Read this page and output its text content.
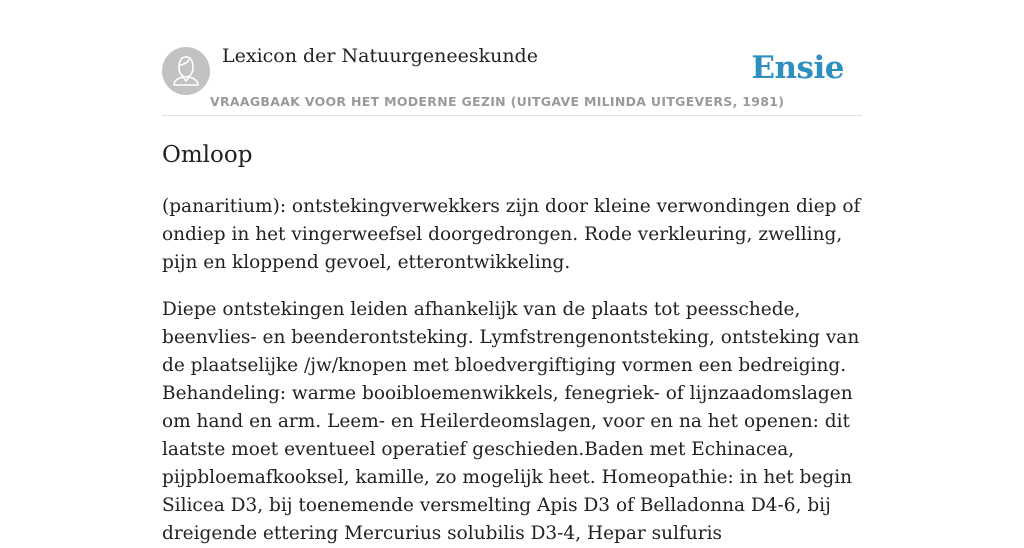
Lexicon der Natuurgeneeskunde
VRAAGBAAK VOOR HET MODERNE GEZIN (UITGAVE MILINDA UITGEVERS, 1981)
Ensie
Omloop

(panaritium): ontstekingverwekkers zijn door kleine verwondingen diep of ondiep in het vingerweefsel doorgedrongen. Rode verkleuring, zwelling, pijn en kloppend gevoel, etterontwikkeling.

Diepe ontstekingen leiden afhankelijk van de plaats tot peesschede, beenvlies- en beenderontsteking. Lymfstrengenontsteking, ontsteking van de plaatselijke /jw/knopen met bloedvergiftiging vormen een bedreiging. Behandeling: warme booibloemenwikkels, fenegriek- of lijnzaadomslagen om hand en arm. Leem- en Heilerdeomslagen, voor en na het openen: dit laatste moet eventueel operatief geschieden.Baden met Echinacea, pijpbloemafkooksel, kamille, zo mogelijk heet. Homeopathie: in het begin Silicea D3, bij toenemende versmelting Apis D3 of Belladonna D4-6, bij dreigende ettering Mercurius solubilis D3-4, Hepar sulfuris
